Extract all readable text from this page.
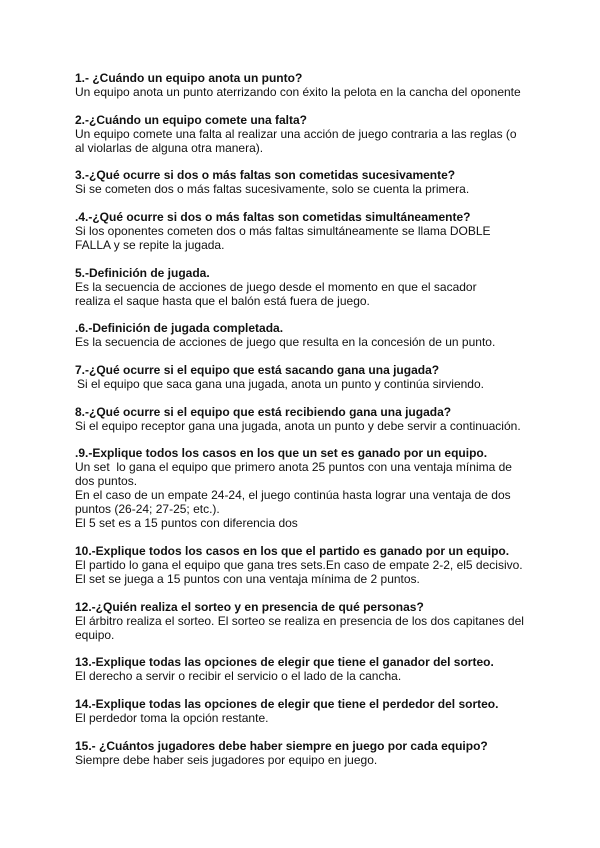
1.- ¿Cuándo un equipo anota un punto?
Un equipo anota un punto aterrizando con éxito la pelota en la cancha del oponente
2.-¿Cuándo un equipo comete una falta?
Un equipo comete una falta al realizar una acción de juego contraria a las reglas (o
al violarlas de alguna otra manera).
3.-¿Qué ocurre si dos o más faltas son cometidas sucesivamente?
Si se cometen dos o más faltas sucesivamente, solo se cuenta la primera.
.4.-¿Qué ocurre si dos o más faltas son cometidas simultáneamente?
Si los oponentes cometen dos o más faltas simultáneamente se llama DOBLE
FALLA y se repite la jugada.
5.-Definición de jugada.
Es la secuencia de acciones de juego desde el momento en que el sacador
realiza el saque hasta que el balón está fuera de juego.
.6.-Definición de jugada completada.
Es la secuencia de acciones de juego que resulta en la concesión de un punto.
7.-¿Qué ocurre si el equipo que está sacando gana una jugada?
Si el equipo que saca gana una jugada, anota un punto y continúa sirviendo.
8.-¿Qué ocurre si el equipo que está recibiendo gana una jugada?
Si el equipo receptor gana una jugada, anota un punto y debe servir a continuación.
.9.-Explique todos los casos en los que un set es ganado por un equipo.
Un set  lo gana el equipo que primero anota 25 puntos con una ventaja mínima de
dos puntos.
En el caso de un empate 24-24, el juego continúa hasta lograr una ventaja de dos
puntos (26-24; 27-25; etc.).
El 5 set es a 15 puntos con diferencia dos
10.-Explique todos los casos en los que el partido es ganado por un equipo.
El partido lo gana el equipo que gana tres sets.En caso de empate 2-2, el5 decisivo.
El set se juega a 15 puntos con una ventaja mínima de 2 puntos.
12.-¿Quién realiza el sorteo y en presencia de qué personas?
El árbitro realiza el sorteo. El sorteo se realiza en presencia de los dos capitanes del
equipo.
13.-Explique todas las opciones de elegir que tiene el ganador del sorteo.
El derecho a servir o recibir el servicio o el lado de la cancha.
14.-Explique todas las opciones de elegir que tiene el perdedor del sorteo.
El perdedor toma la opción restante.
15.- ¿Cuántos jugadores debe haber siempre en juego por cada equipo?
Siempre debe haber seis jugadores por equipo en juego.
